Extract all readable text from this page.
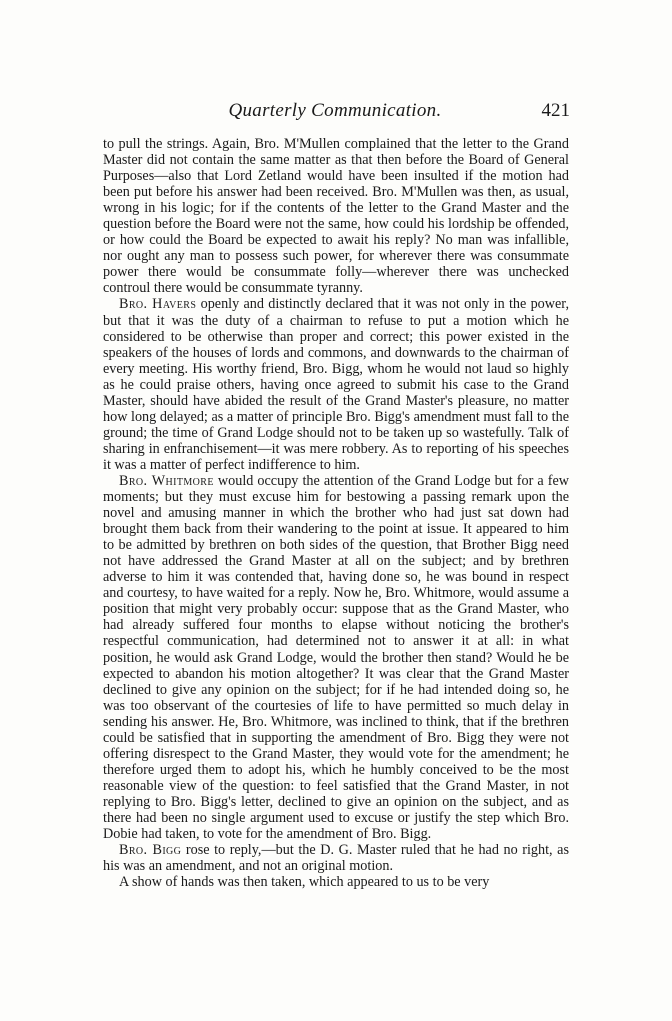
Quarterly Communication.	421

to pull the strings. Again, Bro. M'Mullen complained that the letter to the Grand Master did not contain the same matter as that then before the Board of General Purposes—also that Lord Zetland would have been insulted if the motion had been put before his answer had been received. Bro. M'Mullen was then, as usual, wrong in his logic; for if the contents of the letter to the Grand Master and the question before the Board were not the same, how could his lordship be offended, or how could the Board be expected to await his reply? No man was infallible, nor ought any man to possess such power, for wherever there was consummate power there would be consummate folly—wherever there was unchecked controul there would be consummate tyranny.

Bro. Havers openly and distinctly declared that it was not only in the power, but that it was the duty of a chairman to refuse to put a motion which he considered to be otherwise than proper and correct; this power existed in the speakers of the houses of lords and commons, and downwards to the chairman of every meeting. His worthy friend, Bro. Bigg, whom he would not laud so highly as he could praise others, having once agreed to submit his case to the Grand Master, should have abided the result of the Grand Master's pleasure, no matter how long delayed; as a matter of principle Bro. Bigg's amendment must fall to the ground; the time of Grand Lodge should not to be taken up so wastefully. Talk of sharing in enfranchisement—it was mere robbery. As to reporting of his speeches it was a matter of perfect indifference to him.

Bro. Whitmore would occupy the attention of the Grand Lodge but for a few moments; but they must excuse him for bestowing a passing remark upon the novel and amusing manner in which the brother who had just sat down had brought them back from their wandering to the point at issue. It appeared to him to be admitted by brethren on both sides of the question, that Brother Bigg need not have addressed the Grand Master at all on the subject; and by brethren adverse to him it was contended that, having done so, he was bound in respect and courtesy, to have waited for a reply. Now he, Bro. Whitmore, would assume a position that might very probably occur: suppose that as the Grand Master, who had already suffered four months to elapse without noticing the brother's respectful communication, had determined not to answer it at all: in what position, he would ask Grand Lodge, would the brother then stand? Would he be expected to abandon his motion altogether? It was clear that the Grand Master declined to give any opinion on the subject; for if he had intended doing so, he was too observant of the courtesies of life to have permitted so much delay in sending his answer. He, Bro. Whitmore, was inclined to think, that if the brethren could be satisfied that in supporting the amendment of Bro. Bigg they were not offering disrespect to the Grand Master, they would vote for the amendment; he therefore urged them to adopt his, which he humbly conceived to be the most reasonable view of the question: to feel satisfied that the Grand Master, in not replying to Bro. Bigg's letter, declined to give an opinion on the subject, and as there had been no single argument used to excuse or justify the step which Bro. Dobie had taken, to vote for the amendment of Bro. Bigg.

Bro. Bigg rose to reply,—but the D. G. Master ruled that he had no right, as his was an amendment, and not an original motion.

A show of hands was then taken, which appeared to us to be very
